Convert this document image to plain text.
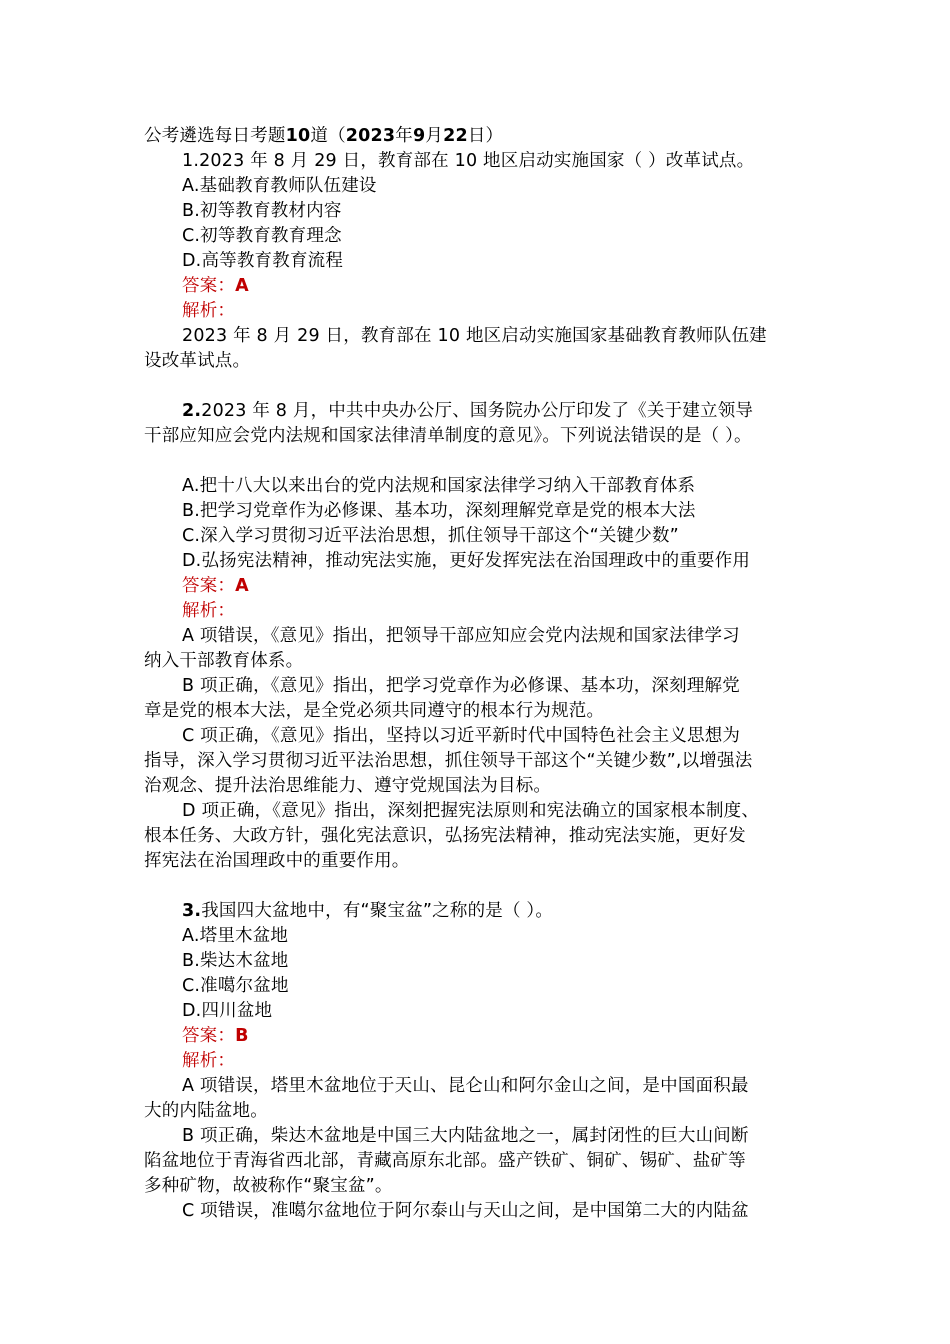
公考遴选每日考题10道（2023年9月22日）
1.2023 年 8 月 29 日，教育部在 10 地区启动实施国家（ ）改革试点。
A.基础教育教师队伍建设
B.初等教育教材内容
C.初等教育教育理念
D.高等教育教育流程
答案：A
解析：
2023 年 8 月 29 日，教育部在 10 地区启动实施国家基础教育教师队伍建
设改革试点。
2.2023 年 8 月，中共中央办公厅、国务院办公厅印发了《关于建立领导
干部应知应会党内法规和国家法律清单制度的意见》。下列说法错误的是（ ）。
A.把十八大以来出台的党内法规和国家法律学习纳入干部教育体系
B.把学习党章作为必修课、基本功，深刻理解党章是党的根本大法
C.深入学习贯彻习近平法治思想，抓住领导干部这个“关键少数”
D.弘扬宪法精神，推动宪法实施，更好发挥宪法在治国理政中的重要作用
答案：A
解析：
A 项错误，《意见》指出，把领导干部应知应会党内法规和国家法律学习
纳入干部教育体系。
B 项正确，《意见》指出，把学习党章作为必修课、基本功，深刻理解党
章是党的根本大法，是全党必须共同遵守的根本行为规范。
C 项正确，《意见》指出，坚持以习近平新时代中国特色社会主义思想为
指导，深入学习贯彻习近平法治思想，抓住领导干部这个“关键少数”,以增强法
治观念、提升法治思维能力、遵守党规国法为目标。
D 项正确，《意见》指出，深刻把握宪法原则和宪法确立的国家根本制度、
根本任务、大政方针，强化宪法意识，弘扬宪法精神，推动宪法实施，更好发
挥宪法在治国理政中的重要作用。
3.我国四大盆地中，有“聚宝盆”之称的是（ ）。
A.塔里木盆地
B.柴达木盆地
C.准噶尔盆地
D.四川盆地
答案：B
解析：
A 项错误，塔里木盆地位于天山、昆仑山和阿尔金山之间，是中国面积最
大的内陆盆地。
B 项正确，柴达木盆地是中国三大内陆盆地之一，属封闭性的巨大山间断
陷盆地位于青海省西北部，青藏高原东北部。盛产铁矿、铜矿、锡矿、盐矿等
多种矿物，故被称作“聚宝盆”。
C 项错误，准噶尔盆地位于阿尔泰山与天山之间，是中国第二大的内陆盆
